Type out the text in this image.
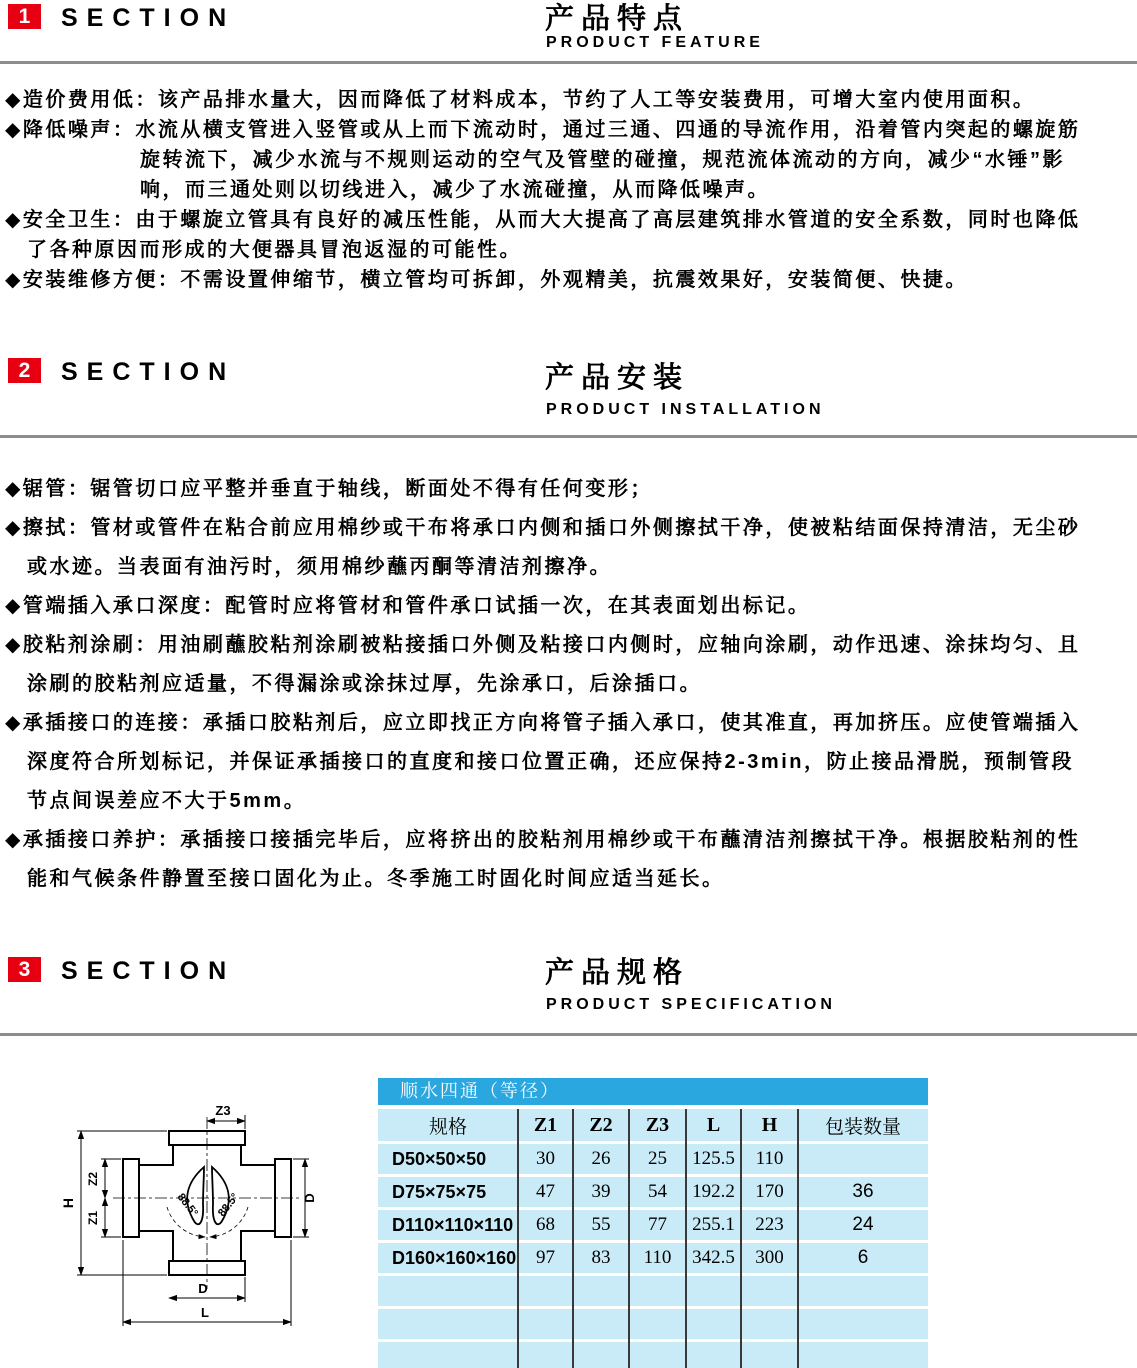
1	SECTION	产品特点
PRODUCT FEATURE
◆造价费用低：该产品排水量大，因而降低了材料成本，节约了人工等安装费用，可增大室内使用面积。
◆降低噪声：水流从横支管进入竖管或从上而下流动时，通过三通、四通的导流作用，沿着管内突起的螺旋筋
旋转流下，减少水流与不规则运动的空气及管壁的碰撞，规范流体流动的方向，减少“水锤”影
响，而三通处则以切线进入，减少了水流碰撞，从而降低噪声。
◆安全卫生：由于螺旋立管具有良好的减压性能，从而大大提高了高层建筑排水管道的安全系数，同时也降低
了各种原因而形成的大便器具冒泡返湿的可能性。
◆安装维修方便：不需设置伸缩节，横立管均可拆卸，外观精美，抗震效果好，安装简便、快捷。
2	SECTION	产品安装
PRODUCT INSTALLATION
◆锯管：锯管切口应平整并垂直于轴线，断面处不得有任何变形；
◆擦拭：管材或管件在粘合前应用棉纱或干布将承口内侧和插口外侧擦拭干净，使被粘结面保持清洁，无尘砂
或水迹。当表面有油污时，须用棉纱蘸丙酮等清洁剂擦净。
◆管端插入承口深度：配管时应将管材和管件承口试插一次，在其表面划出标记。
◆胶粘剂涂刷：用油刷蘸胶粘剂涂刷被粘接插口外侧及粘接口内侧时，应轴向涂刷，动作迅速、涂抹均匀、且
涂刷的胶粘剂应适量，不得漏涂或涂抹过厚，先涂承口，后涂插口。
◆承插接口的连接：承插口胶粘剂后，应立即找正方向将管子插入承口，使其准直，再加挤压。应使管端插入
深度符合所划标记，并保证承插接口的直度和接口位置正确，还应保持2-3min，防止接品滑脱，预制管段
节点间误差应不大于5mm。
◆承插接口养护：承插接口接插完毕后，应将挤出的胶粘剂用棉纱或干布蘸清洁剂擦拭干净。根据胶粘剂的性
能和气候条件静置至接口固化为止。冬季施工时固化时间应适当延长。
3	SECTION	产品规格
PRODUCT SPECIFICATION
Z3
H
Z2
Z1
D
D
L
88.5° 88.5°
顺水四通（等径）
规格	Z1	Z2	Z3	L	H	包装数量
D50×50×50	30	26	25	125.5	110
D75×75×75	47	39	54	192.2	170	36
D110×110×110	68	55	77	255.1	223	24
D160×160×160	97	83	110	342.5	300	6
